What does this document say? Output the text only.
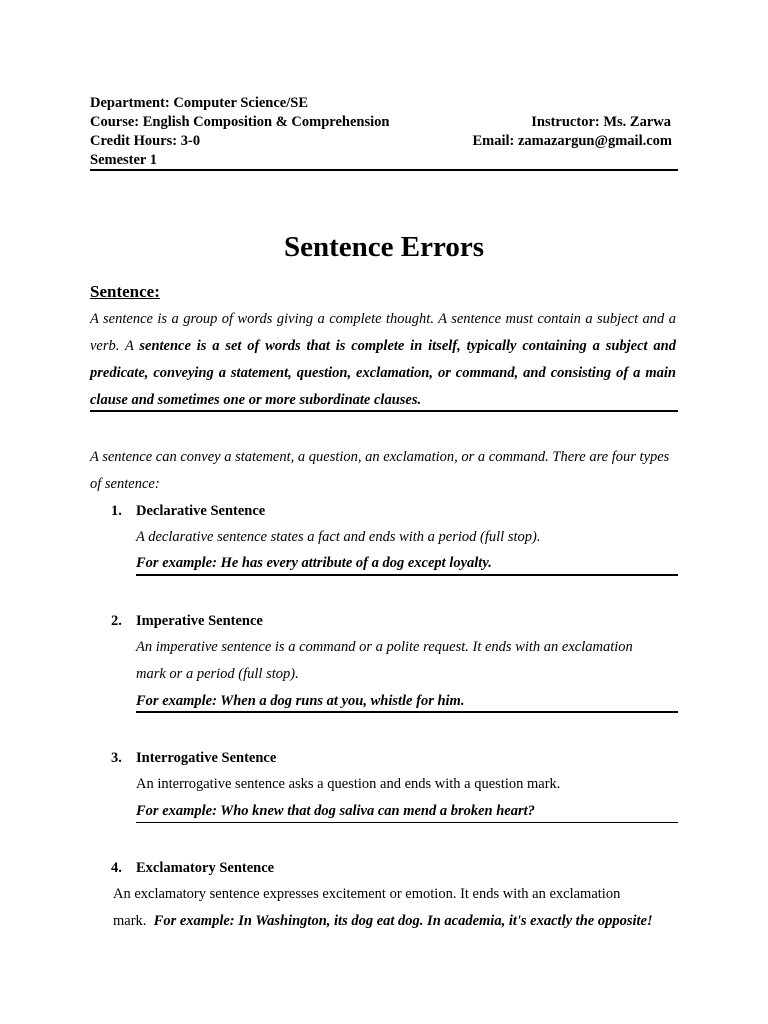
Department: Computer Science/SE
Course: English Composition & Comprehension
Credit Hours: 3-0
Semester 1
Instructor: Ms. Zarwa
Email: zamazargun@gmail.com
Sentence Errors
Sentence:
A sentence is a group of words giving a complete thought. A sentence must contain a subject and a verb. A sentence is a set of words that is complete in itself, typically containing a subject and predicate, conveying a statement, question, exclamation, or command, and consisting of a main clause and sometimes one or more subordinate clauses.
A sentence can convey a statement, a question, an exclamation, or a command. There are four types of sentence:
1. Declarative Sentence
A declarative sentence states a fact and ends with a period (full stop).
For example: He has every attribute of a dog except loyalty.
2. Imperative Sentence
An imperative sentence is a command or a polite request. It ends with an exclamation
mark or a period (full stop).
For example: When a dog runs at you, whistle for him.
3. Interrogative Sentence
An interrogative sentence asks a question and ends with a question mark.
For example: Who knew that dog saliva can mend a broken heart?
4. Exclamatory Sentence
An exclamatory sentence expresses excitement or emotion. It ends with an exclamation
mark. For example: In Washington, its dog eat dog. In academia, it's exactly the opposite!
